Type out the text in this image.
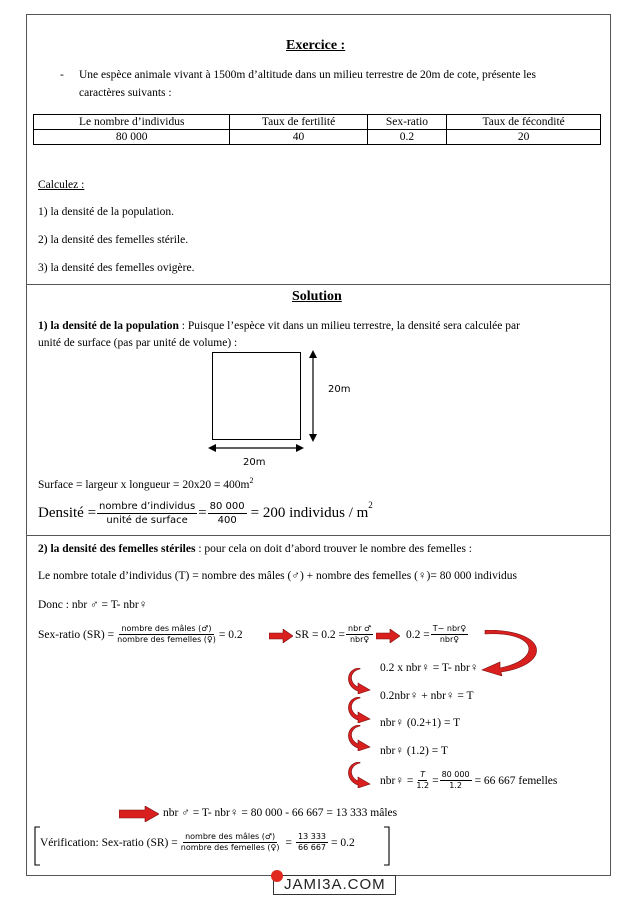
Exercice :
- Une espèce animale vivant à 1500m d’altitude dans un milieu terrestre de 20m de cote, présente les
caractères suivants :
Le nombre d’individus	Taux de fertilité	Sex-ratio	Taux de fécondité
80 000	40	0.2	20
Calculez :
1) la densité de la population.
2) la densité des femelles stérile.
3) la densité des femelles ovigère.
Solution
1) la densité de la population : Puisque l’espèce vit dans un milieu terrestre, la densité sera calculée par
unité de surface (pas par unité de volume) :
20m
20m
Surface = largeur x longueur = $20x20 = 400m^2$
Densité = $\frac{\text{nombre d’individus}}{\text{unité de surface}} = \frac{80 000}{400} = 200$ individus / $m^2$
2) la densité des femelles stériles : pour cela on doit d’abord trouver le nombre des femelles :
Le nombre totale d’individus (T) = nombre des mâles (♂) + nombre des femelles (♀)= 80 000 individus
Donc : nbr ♂ = T- nbr♀
Sex-ratio $(SR) = \frac{\text{nombre des mâles (♂)}}{\text{nombre des femelles (♀)}} = 0.2$	SR = $0.2 = \frac{\text{nbr ♂}}{\text{nbr♀}}$	$0.2 = \frac{\text{T− nbr♀}}{\text{nbr♀}}$
0.2 x nbr♀ = T- nbr♀
0.2nbr♀ + nbr♀ = T
nbr♀ (0.2+1) = T
nbr♀ (1.2) = T
nbr♀ = $\frac{T}{1.2} = \frac{80 000}{1.2} = 66$ 667 femelles
nbr ♂ = T- nbr♀ = 80 000 - 66 667 = 13 333 mâles
Vérification: Sex-ratio $(SR) = \frac{\text{nombre des mâles (♂)}}{\text{nombre des femelles (♀)}} = \frac{13 333}{66 667} = 0.2$
JAMI3A.COM
